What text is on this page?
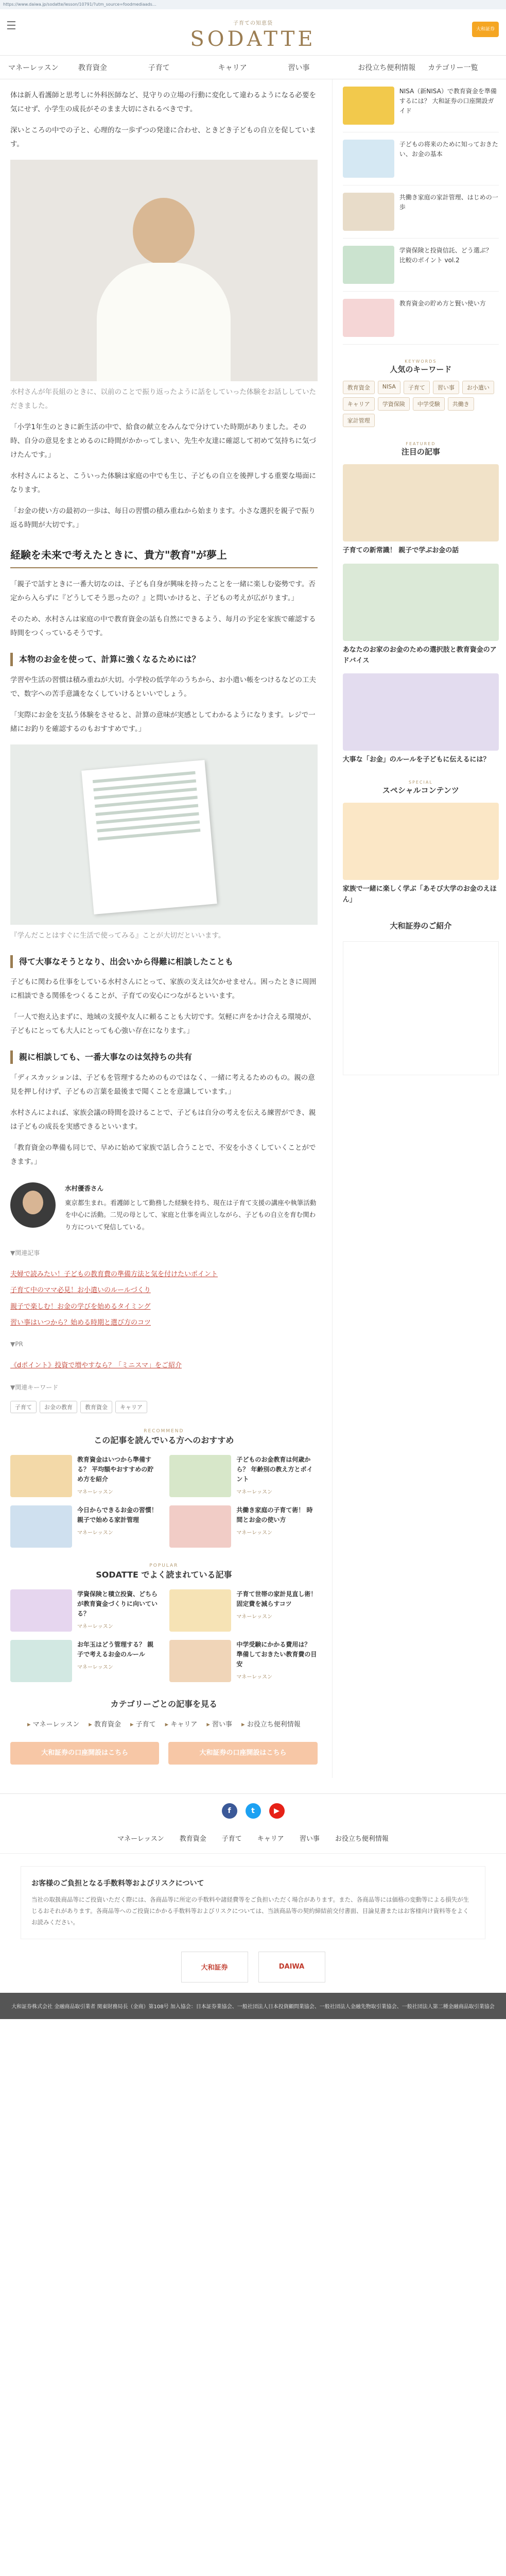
https://www.daiwa.jp/sodatte/lesson/10791/?utm_source=foodmediaads…
☰	子育ての知恵袋
SODATTE	大和証券
マネーレッスン	教育資金	子育て	キャリア	習い事	お役立ち便利情報	カテゴリー一覧

体は新人看護師と思考しに外科医師など、見守りの立場の行動に変化して違わるようになる必要を気にせず、小学生の成長がそのまま大切にされるべきです。

深いところの中での子と、心理的な一歩ずつの発達に合わせ、ときどき子どもの自立を促しています。

水村さんが年長組のときに、以前のことで振り返ったように話をしていった体験をお話ししていただきました。

「小学1年生のときに新生活の中で、給食の献立をみんなで分けていた時期がありました。その時、自分の意見をまとめるのに時間がかかってしまい、先生や友達に確認して初めて気持ちに気づけたんです。」

水村さんによると、こういった体験は家庭の中でも生じ、子どもの自立を後押しする重要な場面になります。

「お金の使い方の最初の一歩は、毎日の習慣の積み重ねから始まります。小さな選択を親子で振り返る時間が大切です。」

経験を未来で考えたときに、貴方"教育"が夢上

「親子で話すときに一番大切なのは、子ども自身が興味を持ったことを一緒に楽しむ姿勢です。否定から入らずに『どうしてそう思ったの？』と問いかけると、子どもの考えが広がります。」

そのため、水村さんは家庭の中で教育資金の話も自然にできるよう、毎月の予定を家族で確認する時間をつくっているそうです。

本物のお金を使って、計算に強くなるためには？

学習や生活の習慣は積み重ねが大切。小学校の低学年のうちから、お小遣い帳をつけるなどの工夫で、数字への苦手意識をなくしていけるといいでしょう。

「実際にお金を支払う体験をさせると、計算の意味が実感としてわかるようになります。レジで一緒にお釣りを確認するのもおすすめです。」

『学んだことはすぐに生活で使ってみる』ことが大切だといいます。

得て大事なそうとなり、出会いから得難に相談したことも

子どもに関わる仕事をしている水村さんにとって、家族の支えは欠かせません。困ったときに周囲に相談できる関係をつくることが、子育ての安心につながるといいます。

「一人で抱え込まずに、地域の支援や友人に頼ることも大切です。気軽に声をかけ合える環境が、子どもにとっても大人にとっても心強い存在になります。」

親に相談しても、一番大事なのは気持ちの共有

「ディスカッションは、子どもを管理するためのものではなく、一緒に考えるためのもの。親の意見を押し付けず、子どもの言葉を最後まで聞くことを意識しています。」

水村さんによれば、家族会議の時間を設けることで、子どもは自分の考えを伝える練習ができ、親は子どもの成長を実感できるといいます。

「教育資金の準備も同じで、早めに始めて家族で話し合うことで、不安を小さくしていくことができます。」

水村優香さん
東京都生まれ。看護師として勤務した経験を持ち、現在は子育て支援の講座や執筆活動を中心に活動。二児の母として、家庭と仕事を両立しながら、子どもの自立を育む関わり方について発信している。

▼関連記事

夫婦で読みたい！子どもの教育費の準備方法と気を付けたいポイント
子育て中のママ必見！お小遣いのルールづくり
親子で楽しむ！お金の学びを始めるタイミング
習い事はいつから？始める時期と選び方のコツ

▼PR

《dポイント》投資で増やすなら？「ミニスマ」をご紹介

▼関連キーワード

子育て	お金の教育	教育資金	キャリア
RECOMMEND
この記事を読んでいる方へのおすすめ
教育資金はいつから準備する？ 平均額やおすすめの貯め方を紹介
マネーレッスン
子どものお金教育は何歳から？ 年齢別の教え方とポイント
マネーレッスン
今日からできるお金の習慣！ 親子で始める家計管理
マネーレッスン
共働き家庭の子育て術！ 時間とお金の使い方
マネーレッスン
POPULAR
SODATTE でよく読まれている記事
学資保険と積立投資、どちらが教育資金づくりに向いている？
マネーレッスン
子育て世帯の家計見直し術！ 固定費を減らすコツ
マネーレッスン
お年玉はどう管理する？ 親子で考えるお金のルール
マネーレッスン
中学受験にかかる費用は？ 準備しておきたい教育費の目安
マネーレッスン
カテゴリーごとの記事を見る
▸ マネーレッスン	▸ 教育資金	▸ 子育て	▸ キャリア	▸ 習い事	▸ お役立ち便利情報
大和証券の口座開設はこちら	大和証券の口座開設はこちら
NISA（新NISA）で教育資金を準備するには？ 大和証券の口座開設ガイド
子どもの将来のために知っておきたい、お金の基本
共働き家庭の家計管理、はじめの一歩
学資保険と投資信託、どう選ぶ？ 比較のポイント vol.2
教育資金の貯め方と賢い使い方
KEYWORDS
人気のキーワード
教育資金	NISA	子育て	習い事	お小遣い
キャリア	学資保険	中学受験	共働き
家計管理
FEATURED
注目の記事
子育ての新常識！ 親子で学ぶお金の話
あなたのお家のお金のための選択肢と教育資金のアドバイス
大事な「お金」のルールを子どもに伝えるには？
SPECIAL
スペシャルコンテンツ
家族で一緒に楽しく学ぶ「あそび大学のお金のえほん」
大和証券のご紹介
f	t	▶
マネーレッスン 教育資金 子育て キャリア 習い事 お役立ち便利情報
お客様のご負担となる手数料等およびリスクについて
当社の取扱商品等にご投資いただく際には、各商品等に所定の手数料や諸経費等をご負担いただく場合があります。また、各商品等には価格の変動等による損失が生じるおそれがあります。各商品等へのご投資にかかる手数料等およびリスクについては、当該商品等の契約締結前交付書面、目論見書またはお客様向け資料等をよくお読みください。
大和証券	DAIWA
大和証券株式会社 金融商品取引業者 関東財務局長（金商）第108号 加入協会：日本証券業協会、一般社団法人日本投資顧問業協会、一般社団法人金融先物取引業協会、一般社団法人第二種金融商品取引業協会
